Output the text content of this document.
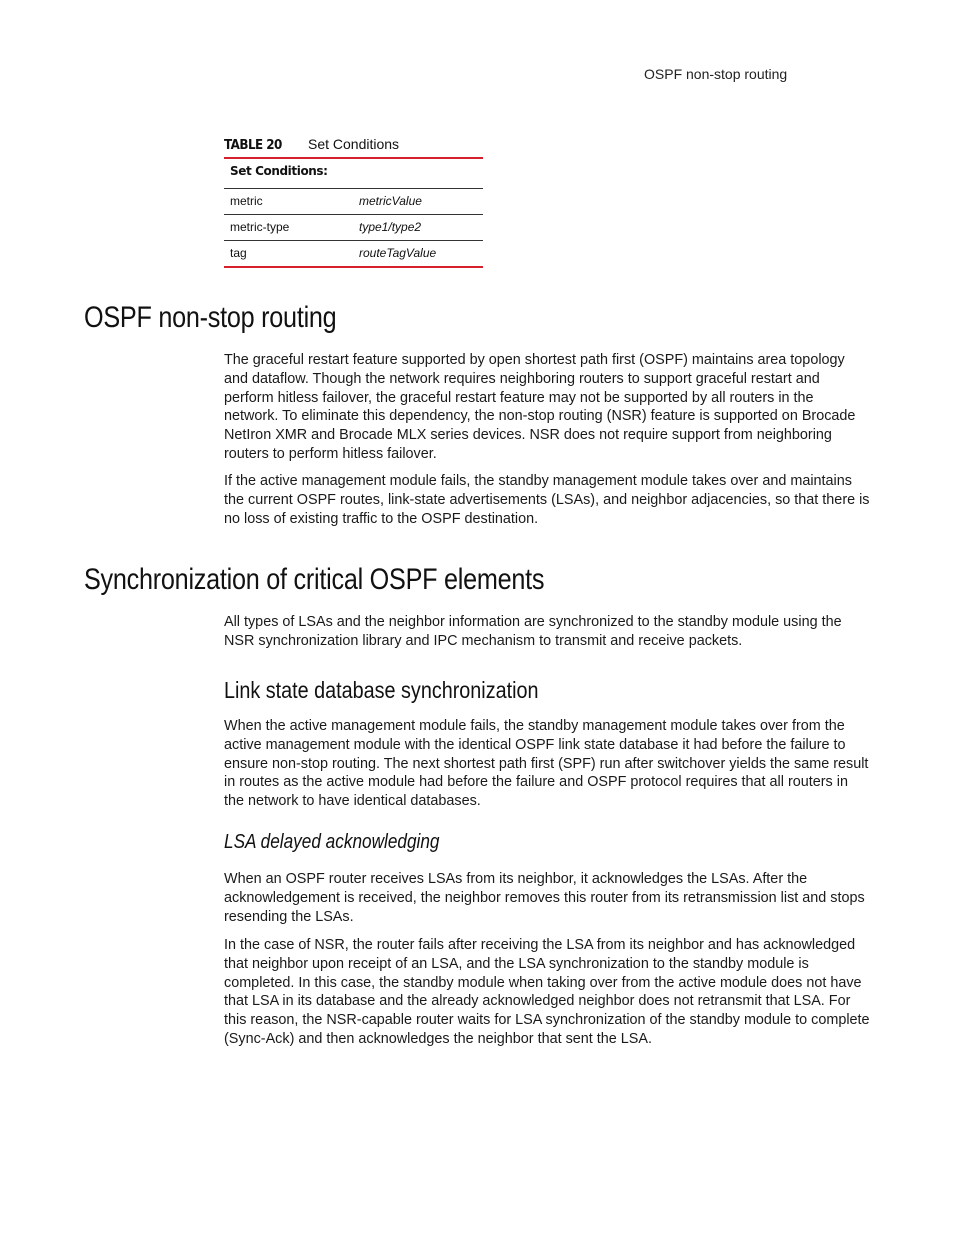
OSPF non-stop routing
TABLE 20	Set Conditions
Set Conditions:	
metric	metricValue
metric-type	type1/type2
tag	routeTagValue
OSPF non-stop routing

The graceful restart feature supported by open shortest path first (OSPF) maintains area topology and dataflow. Though the network requires neighboring routers to support graceful restart and perform hitless failover, the graceful restart feature may not be supported by all routers in the network. To eliminate this dependency, the non-stop routing (NSR) feature is supported on Brocade NetIron XMR and Brocade MLX series devices. NSR does not require support from neighboring routers to perform hitless failover.

If the active management module fails, the standby management module takes over and maintains the current OSPF routes, link-state advertisements (LSAs), and neighbor adjacencies, so that there is no loss of existing traffic to the OSPF destination.

Synchronization of critical OSPF elements

All types of LSAs and the neighbor information are synchronized to the standby module using the NSR synchronization library and IPC mechanism to transmit and receive packets.

Link state database synchronization

When the active management module fails, the standby management module takes over from the active management module with the identical OSPF link state database it had before the failure to ensure non-stop routing. The next shortest path first (SPF) run after switchover yields the same result in routes as the active module had before the failure and OSPF protocol requires that all routers in the network to have identical databases.

LSA delayed acknowledging

When an OSPF router receives LSAs from its neighbor, it acknowledges the LSAs. After the acknowledgement is received, the neighbor removes this router from its retransmission list and stops resending the LSAs.

In the case of NSR, the router fails after receiving the LSA from its neighbor and has acknowledged that neighbor upon receipt of an LSA, and the LSA synchronization to the standby module is completed. In this case, the standby module when taking over from the active module does not have that LSA in its database and the already acknowledged neighbor does not retransmit that LSA. For this reason, the NSR-capable router waits for LSA synchronization of the standby module to complete (Sync-Ack) and then acknowledges the neighbor that sent the LSA.
